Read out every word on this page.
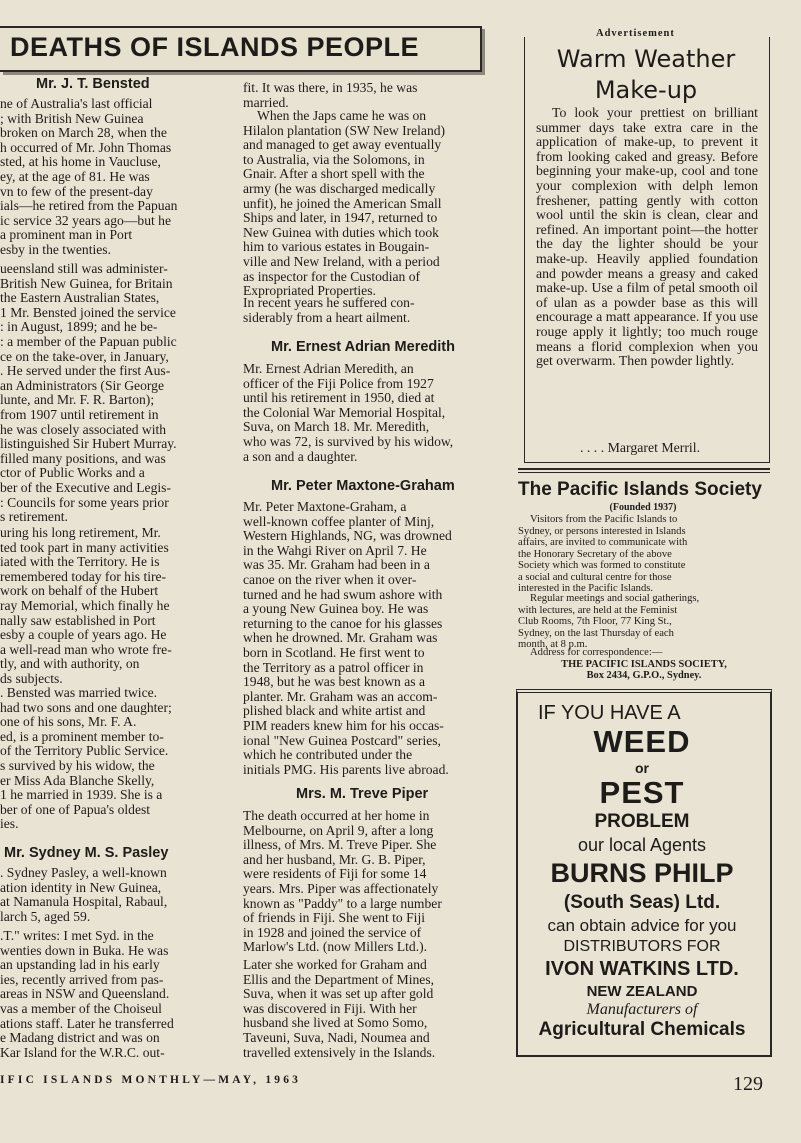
DEATHS OF ISLANDS PEOPLE
Mr. J. T. Bensted
ne of Australia's last official
; with British New Guinea
broken on March 28, when the
h occurred of Mr. John Thomas
sted, at his home in Vaucluse,
ey, at the age of 81. He was
vn to few of the present-day
ials—he retired from the Papuan
ic service 32 years ago—but he
a prominent man in Port
esby in the twenties.
ueensland still was administer-
British New Guinea, for Britain
the Eastern Australian States,
1 Mr. Bensted joined the service
: in August, 1899; and he be-
: a member of the Papuan public
ce on the take-over, in January,
. He served under the first Aus-
an Administrators (Sir George
lunte, and Mr. F. R. Barton);
from 1907 until retirement in
he was closely associated with
listinguished Sir Hubert Murray.
filled many positions, and was
ctor of Public Works and a
ber of the Executive and Legis-
: Councils for some years prior
s retirement.
uring his long retirement, Mr.
ted took part in many activities
iated with the Territory. He is
remembered today for his tire-
work on behalf of the Hubert
ray Memorial, which finally he
nally saw established in Port
esby a couple of years ago. He
a well-read man who wrote fre-
tly, and with authority, on
ds subjects.
. Bensted was married twice.
had two sons and one daughter;
one of his sons, Mr. F. A.
ed, is a prominent member to-
of the Territory Public Service.
s survived by his widow, the
er Miss Ada Blanche Skelly,
1 he married in 1939. She is a
ber of one of Papua's oldest
ies.
Mr. Sydney M. S. Pasley
. Sydney Pasley, a well-known
ation identity in New Guinea,
at Namanula Hospital, Rabaul,
larch 5, aged 59.
.T." writes: I met Syd. in the
wenties down in Buka. He was
an upstanding lad in his early
ies, recently arrived from pas-
areas in NSW and Queensland.
vas a member of the Choiseul
ations staff. Later he transferred
e Madang district and was on
Kar Island for the W.R.C. out-
fit. It was there, in 1935, he was
married.
When the Japs came he was on
Hilalon plantation (SW New Ireland)
and managed to get away eventually
to Australia, via the Solomons, in
Gnair. After a short spell with the
army (he was discharged medically
unfit), he joined the American Small
Ships and later, in 1947, returned to
New Guinea with duties which took
him to various estates in Bougain-
ville and New Ireland, with a period
as inspector for the Custodian of
Expropriated Properties.
In recent years he suffered con-
siderably from a heart ailment.
Mr. Ernest Adrian Meredith
Mr. Ernest Adrian Meredith, an
officer of the Fiji Police from 1927
until his retirement in 1950, died at
the Colonial War Memorial Hospital,
Suva, on March 18. Mr. Meredith,
who was 72, is survived by his widow,
a son and a daughter.
Mr. Peter Maxtone-Graham
Mr. Peter Maxtone-Graham, a
well-known coffee planter of Minj,
Western Highlands, NG, was drowned
in the Wahgi River on April 7. He
was 35. Mr. Graham had been in a
canoe on the river when it over-
turned and he had swum ashore with
a young New Guinea boy. He was
returning to the canoe for his glasses
when he drowned. Mr. Graham was
born in Scotland. He first went to
the Territory as a patrol officer in
1948, but he was best known as a
planter. Mr. Graham was an accom-
plished black and white artist and
PIM readers knew him for his occas-
ional "New Guinea Postcard" series,
which he contributed under the
initials PMG. His parents live abroad.
Mrs. M. Treve Piper
The death occurred at her home in
Melbourne, on April 9, after a long
illness, of Mrs. M. Treve Piper. She
and her husband, Mr. G. B. Piper,
were residents of Fiji for some 14
years. Mrs. Piper was affectionately
known as "Paddy" to a large number
of friends in Fiji. She went to Fiji
in 1928 and joined the service of
Marlow's Ltd. (now Millers Ltd.).
Later she worked for Graham and
Ellis and the Department of Mines,
Suva, when it was set up after gold
was discovered in Fiji. With her
husband she lived at Somo Somo,
Taveuni, Suva, Nadi, Noumea and
travelled extensively in the Islands.
Advertisement
Warm Weather Make-up
To look your prettiest on brilliant summer days take extra care in the application of make-up, to prevent it from looking caked and greasy. Before beginning your make-up, cool and tone your complexion with delph lemon freshener, patting gently with cotton wool until the skin is clean, clear and refined. An important point—the hotter the day the lighter should be your make-up. Heavily applied foundation and powder means a greasy and caked make-up. Use a film of petal smooth oil of ulan as a powder base as this will encourage a matt appearance. If you use rouge apply it lightly; too much rouge means a florid complexion when you get overwarm. Then powder lightly.
. . . . Margaret Merril.
The Pacific Islands Society
(Founded 1937)
Visitors from the Pacific Islands to
Sydney, or persons interested in Islands
affairs, are invited to communicate with
the Honorary Secretary of the above
Society which was formed to constitute
a social and cultural centre for those
interested in the Pacific Islands.
Regular meetings and social gatherings,
with lectures, are held at the Feminist
Club Rooms, 7th Floor, 77 King St.,
Sydney, on the last Thursday of each
month, at 8 p.m.
Address for correspondence:—
THE PACIFIC ISLANDS SOCIETY,
Box 2434, G.P.O., Sydney.
IF YOU HAVE A
WEED
or
PEST
PROBLEM
our local Agents
BURNS PHILP
(South Seas) Ltd.
can obtain advice for you
DISTRIBUTORS FOR
IVON WATKINS LTD.
NEW ZEALAND
Manufacturers of
Agricultural Chemicals
IFIC ISLANDS MONTHLY—MAY, 1963	129
